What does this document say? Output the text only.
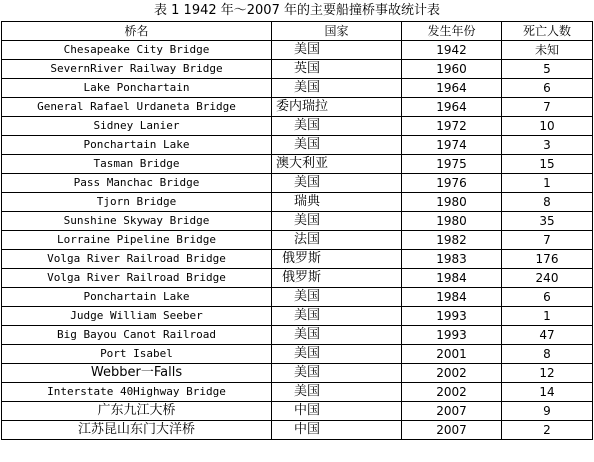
表 1 1942 年～2007 年的主要船撞桥事故统计表
桥名	国家	发生年份	死亡人数
Chesapeake City Bridge	美国	1942	未知
SevernRiver Railway Bridge	英国	1960	5
Lake Ponchartain	美国	1964	6
General Rafael Urdaneta Bridge	委内瑞拉	1964	7
Sidney Lanier	美国	1972	10
Ponchartain Lake	美国	1974	3
Tasman Bridge	澳大利亚	1975	15
Pass Manchac Bridge	美国	1976	1
Tjorn Bridge	瑞典	1980	8
Sunshine Skyway Bridge	美国	1980	35
Lorraine Pipeline Bridge	法国	1982	7
Volga River Railroad Bridge	俄罗斯	1983	176
Volga River Railroad Bridge	俄罗斯	1984	240
Ponchartain Lake	美国	1984	6
Judge William Seeber	美国	1993	1
Big Bayou Canot Railroad	美国	1993	47
Port Isabel	美国	2001	8
Webber一Falls	美国	2002	12
Interstate 40Highway Bridge	美国	2002	14
广东九江大桥	中国	2007	9
江苏昆山东门大洋桥	中国	2007	2
